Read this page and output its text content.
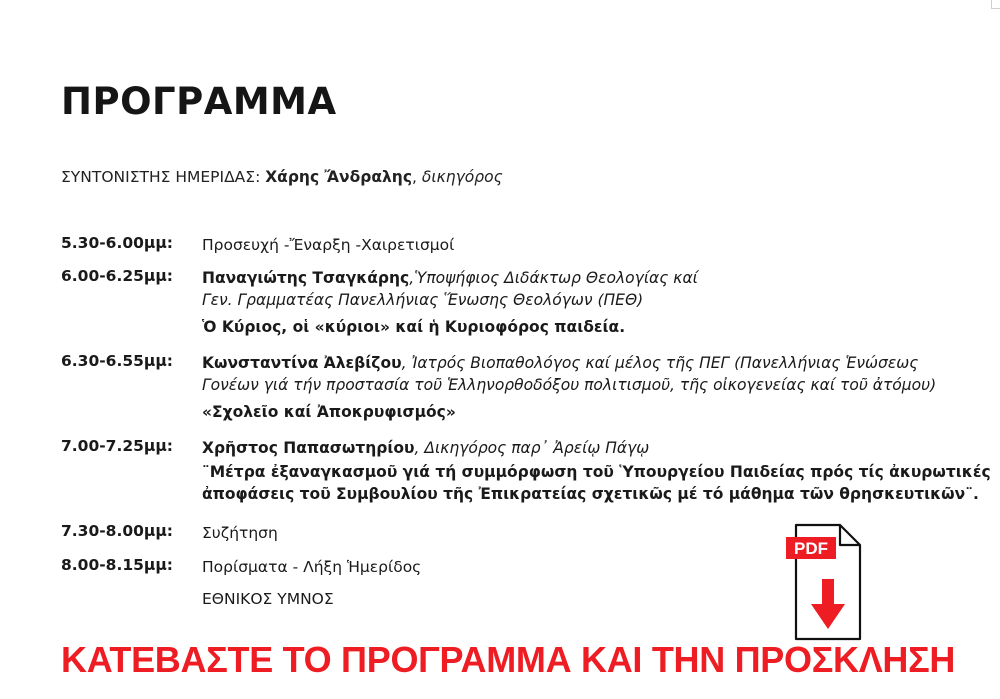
ΠΡΟΓΡΑΜΜΑ
ΣΥΝΤΟΝΙΣΤΗΣ ΗΜΕΡΙΔΑΣ: Χάρης Ἄνδραλης, δικηγόρος
5.30-6.00μμ: Προσευχή -Ἔναρξη -Χαιρετισμοί
6.00-6.25μμ: Παναγιώτης Τσαγκάρης,Ὑποψήφιος Διδάκτωρ Θεολογίας καί
Γεν. Γραμματέας Πανελλήνιας Ἕνωσης Θεολόγων (ΠΕΘ)
Ὁ Κύριος, οἱ «κύριοι» καί ἡ Κυριοφόρος παιδεία.
6.30-6.55μμ: Κωνσταντίνα Ἀλεβίζου, Ἰατρός Βιοπαθολόγος καί μέλος τῆς ΠΕΓ (Πανελλήνιας Ἑνώσεως
Γονέων γιά τήν προστασία τοῦ Ἑλληνορθοδόξου πολιτισμοῦ, τῆς οἰκογενείας καί τοῦ ἀτόμου)
«Σχολεῖο καί Ἀποκρυφισμός»
7.00-7.25μμ: Χρῆστος Παπασωτηρίου, Δικηγόρος παρ᾽ Ἀρείῳ Πάγῳ
¨Μέτρα ἐξαναγκασμοῦ γιά τή συμμόρφωση τοῦ Ὑπουργείου Παιδείας πρός τίς ἀκυρωτικές
ἀποφάσεις τοῦ Συμβουλίου τῆς Ἐπικρατείας σχετικῶς μέ τό μάθημα τῶν θρησκευτικῶν¨.
7.30-8.00μμ: Συζήτηση
8.00-8.15μμ: Πορίσματα - Λήξη Ἡμερίδος
ΕΘΝΙΚΟΣ ΥΜΝΟΣ
PDF
ΚΑΤΕΒΑΣΤΕ ΤΟ ΠΡΟΓΡΑΜΜΑ ΚΑΙ ΤΗΝ ΠΡΟΣΚΛΗΣΗ
